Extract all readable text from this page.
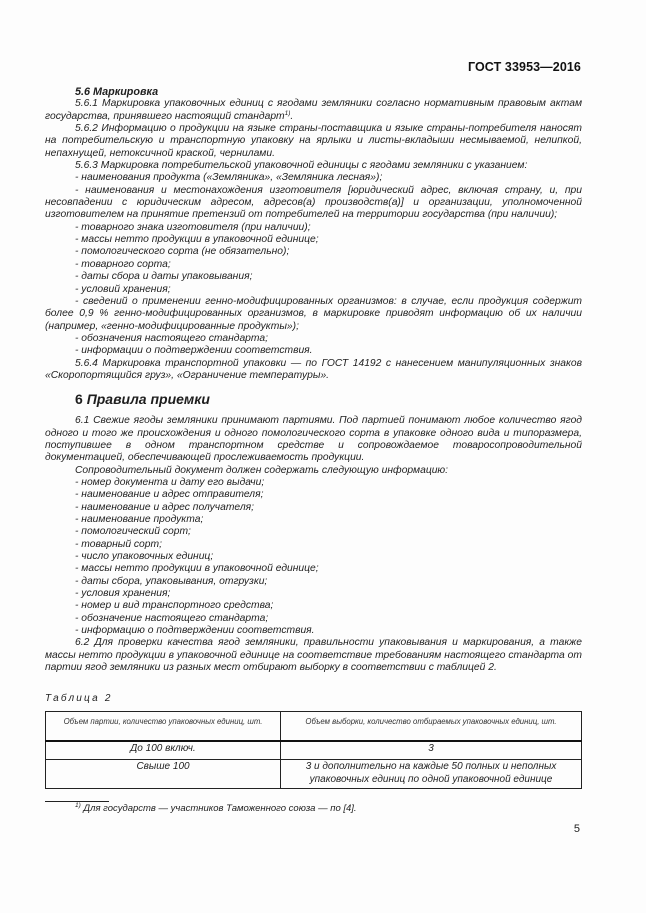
ГОСТ 33953—2016

5.6 Маркировка

5.6.1 Маркировка упаковочных единиц с ягодами земляники согласно нормативным правовым актам государства, принявшего настоящий стандарт$^{1)}$.

5.6.2 Информацию о продукции на языке страны-поставщика и языке страны-потребителя наносят на потребительскую и транспортную упаковку на ярлыки и листы-вкладыши несмываемой, нелипкой, непахнущей, нетоксичной краской, чернилами.

5.6.3 Маркировка потребительской упаковочной единицы с ягодами земляники с указанием:

- наименования продукта («Земляника», «Земляника лесная»);

- наименования и местонахождения изготовителя [юридический адрес, включая страну, и, при несовпадении с юридическим адресом, адресов(а) производств(а)] и организации, уполномоченной изготовителем на принятие претензий от потребителей на территории государства (при наличии);

- товарного знака изготовителя (при наличии);

- массы нетто продукции в упаковочной единице;

- помологического сорта (не обязательно);

- товарного сорта;

- даты сбора и даты упаковывания;

- условий хранения;

- сведений о применении генно-модифицированных организмов: в случае, если продукция содержит более 0,9 % генно-модифицированных организмов, в маркировке приводят информацию об их наличии (например, «генно-модифицированные продукты»);

- обозначения настоящего стандарта;

- информации о подтверждении соответствия.

5.6.4 Маркировка транспортной упаковки — по ГОСТ 14192 с нанесением манипуляционных знаков «Скоропортящийся груз», «Ограничение температуры».

6 Правила приемки

6.1 Свежие ягоды земляники принимают партиями. Под партией понимают любое количество ягод одного и того же происхождения и одного помологического сорта в упаковке одного вида и типоразмера, поступившее в одном транспортном средстве и сопровождаемое товаросопроводительной документацией, обеспечивающей прослеживаемость продукции.

Сопроводительный документ должен содержать следующую информацию:

- номер документа и дату его выдачи;

- наименование и адрес отправителя;

- наименование и адрес получателя;

- наименование продукта;

- помологический сорт;

- товарный сорт;

- число упаковочных единиц;

- массы нетто продукции в упаковочной единице;

- даты сбора, упаковывания, отгрузки;

- условия хранения;

- номер и вид транспортного средства;

- обозначение настоящего стандарта;

- информацию о подтверждении соответствия.

6.2 Для проверки качества ягод земляники, правильности упаковывания и маркирования, а также массы нетто продукции в упаковочной единице на соответствие требованиям настоящего стандарта от партии ягод земляники из разных мест отбирают выборку в соответствии с таблицей 2.

Таблица 2
Объем партии, количество упаковочных единиц, шт.	Объем выборки, количество отбираемых упаковочных единиц, шт.
До 100 включ.	3
Свыше 100	3 и дополнительно на каждые 50 полных и неполных упаковочных единиц по одной упаковочной единице
$^{1)}$ Для государств — участников Таможенного союза — по [4].
5
